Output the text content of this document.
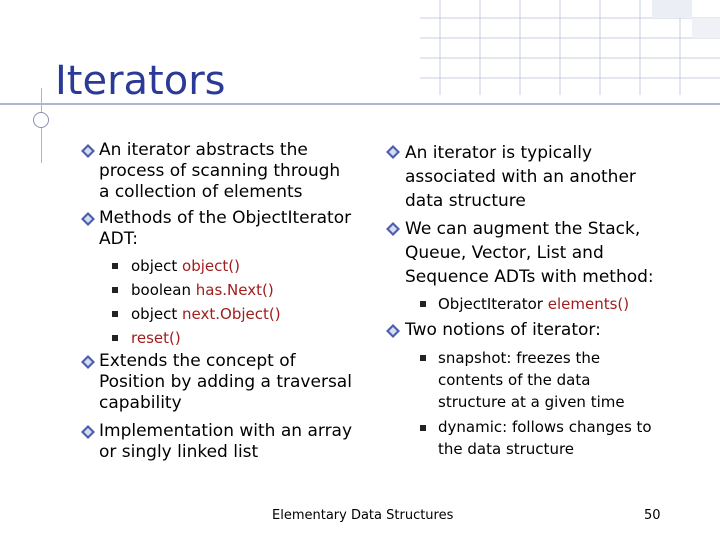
Iterators
An iterator abstracts the
process of scanning through
a collection of elements
Methods of the ObjectIterator
ADT:
object object()
boolean has.Next()
object next.Object()
reset()
Extends the concept of
Position by adding a traversal
capability
Implementation with an array
or singly linked list
An iterator is typically
associated with an another
data structure
We can augment the Stack,
Queue, Vector, List and
Sequence ADTs with method:
ObjectIterator elements()
Two notions of iterator:
snapshot: freezes the
contents of the data
structure at a given time
dynamic: follows changes to
the data structure
Elementary Data Structures	50
